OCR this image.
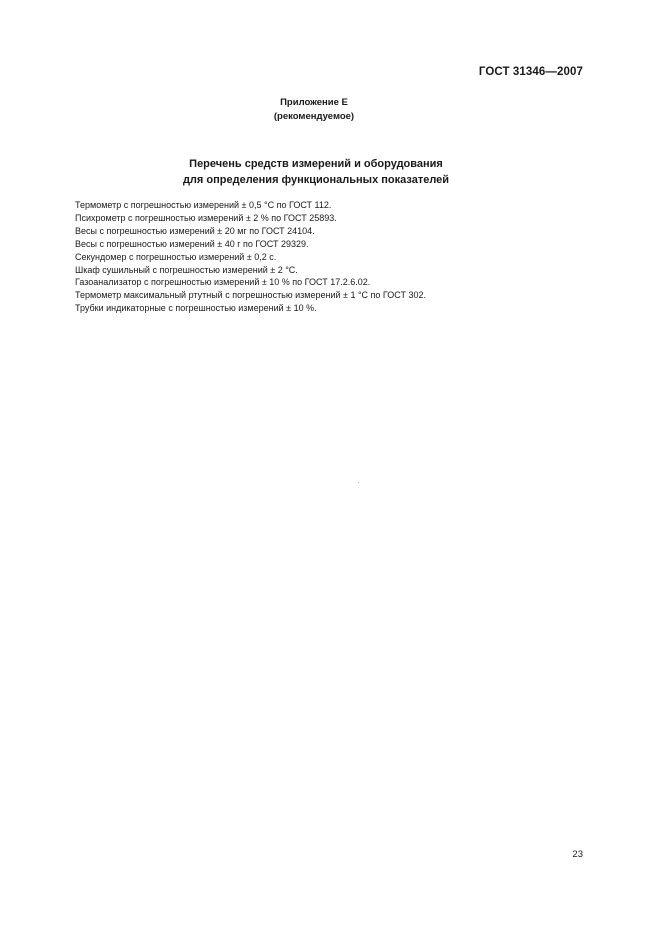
ГОСТ 31346—2007
Приложение Е
(рекомендуемое)
Перечень средств измерений и оборудования
для определения функциональных показателей
Термометр с погрешностью измерений ± 0,5 °С по ГОСТ 112.
Психрометр с погрешностью измерений ± 2 % по ГОСТ 25893.
Весы с погрешностью измерений ± 20 мг по ГОСТ 24104.
Весы с погрешностью измерений ± 40 г по ГОСТ 29329.
Секундомер с погрешностью измерений ± 0,2 с.
Шкаф сушильный с погрешностью измерений ± 2 °С.
Газоанализатор с погрешностью измерений ± 10 % по ГОСТ 17.2.6.02.
Термометр максимальный ртутный с погрешностью измерений ± 1 °С по ГОСТ 302.
Трубки индикаторные с погрешностью измерений ± 10 %.
23
